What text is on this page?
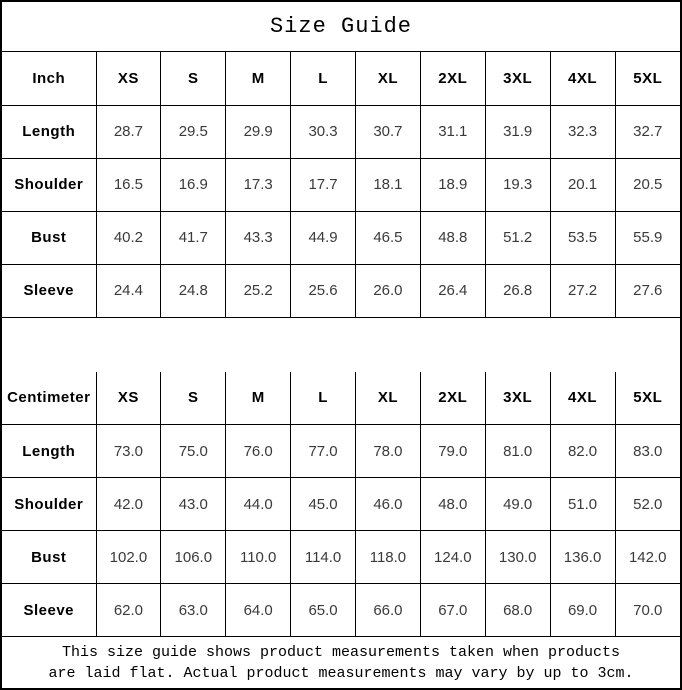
Size Guide
Inch	XS	S	M	L	XL	2XL	3XL	4XL	5XL
Length	28.7	29.5	29.9	30.3	30.7	31.1	31.9	32.3	32.7
Shoulder	16.5	16.9	17.3	17.7	18.1	18.9	19.3	20.1	20.5
Bust	40.2	41.7	43.3	44.9	46.5	48.8	51.2	53.5	55.9
Sleeve	24.4	24.8	25.2	25.6	26.0	26.4	26.8	27.2	27.6
Centimeter	XS	S	M	L	XL	2XL	3XL	4XL	5XL
Length	73.0	75.0	76.0	77.0	78.0	79.0	81.0	82.0	83.0
Shoulder	42.0	43.0	44.0	45.0	46.0	48.0	49.0	51.0	52.0
Bust	102.0	106.0	110.0	114.0	118.0	124.0	130.0	136.0	142.0
Sleeve	62.0	63.0	64.0	65.0	66.0	67.0	68.0	69.0	70.0
This size guide shows product measurements taken when products
are laid flat. Actual product measurements may vary by up to 3cm.
